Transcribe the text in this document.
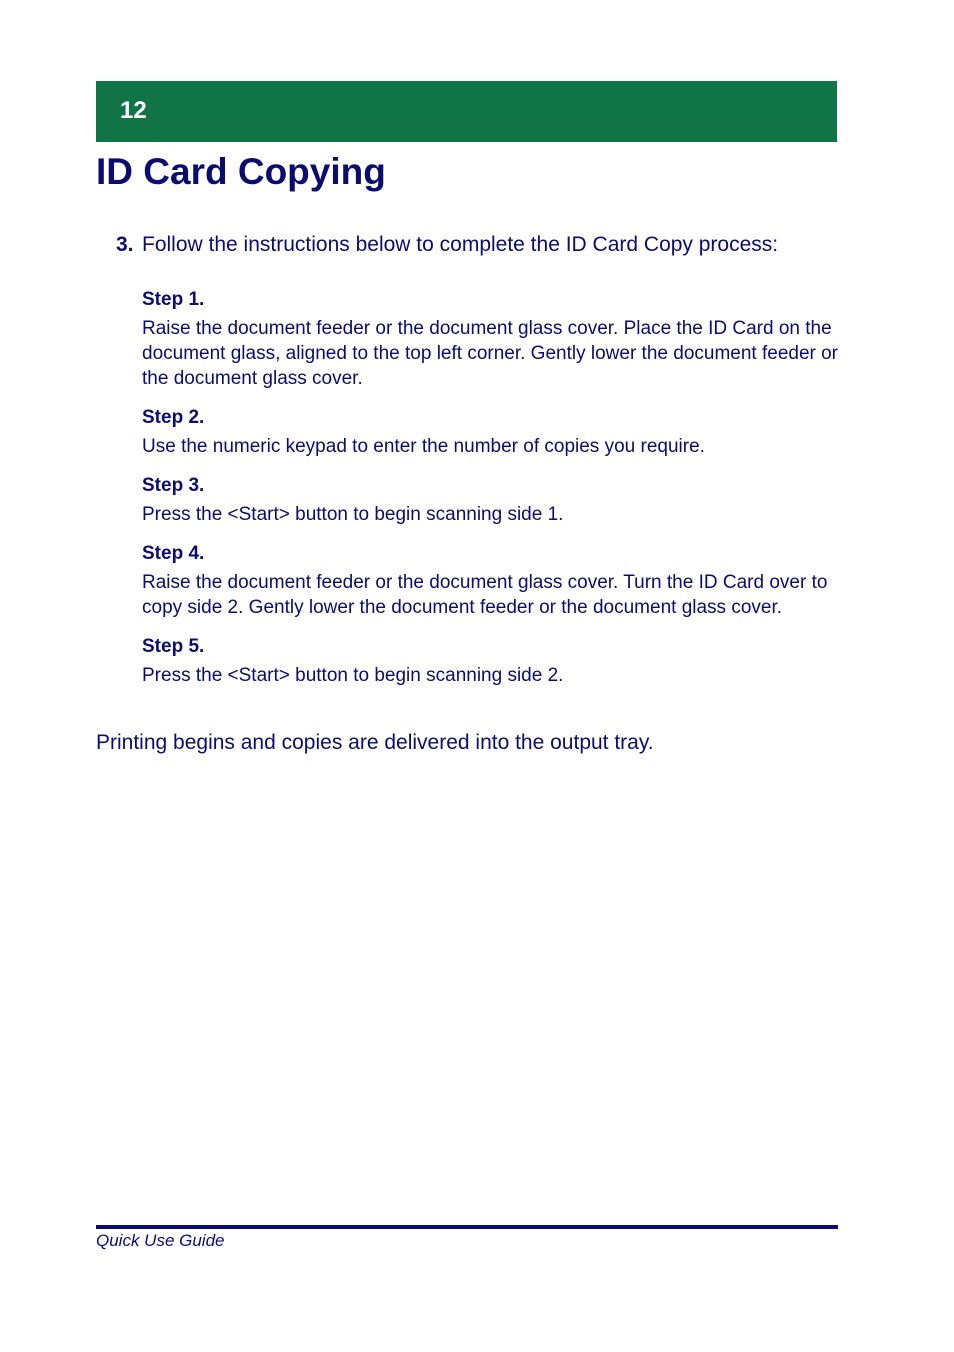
12
ID Card Copying
3. Follow the instructions below to complete the ID Card Copy process:
Step 1.
Raise the document feeder or the document glass cover. Place the ID Card on the document glass, aligned to the top left corner. Gently lower the document feeder or the document glass cover.
Step 2.
Use the numeric keypad to enter the number of copies you require.
Step 3.
Press the <Start> button to begin scanning side 1.
Step 4.
Raise the document feeder or the document glass cover. Turn the ID Card over to copy side 2. Gently lower the document feeder or the document glass cover.
Step 5.
Press the <Start> button to begin scanning side 2.
Printing begins and copies are delivered into the output tray.
Quick Use Guide
